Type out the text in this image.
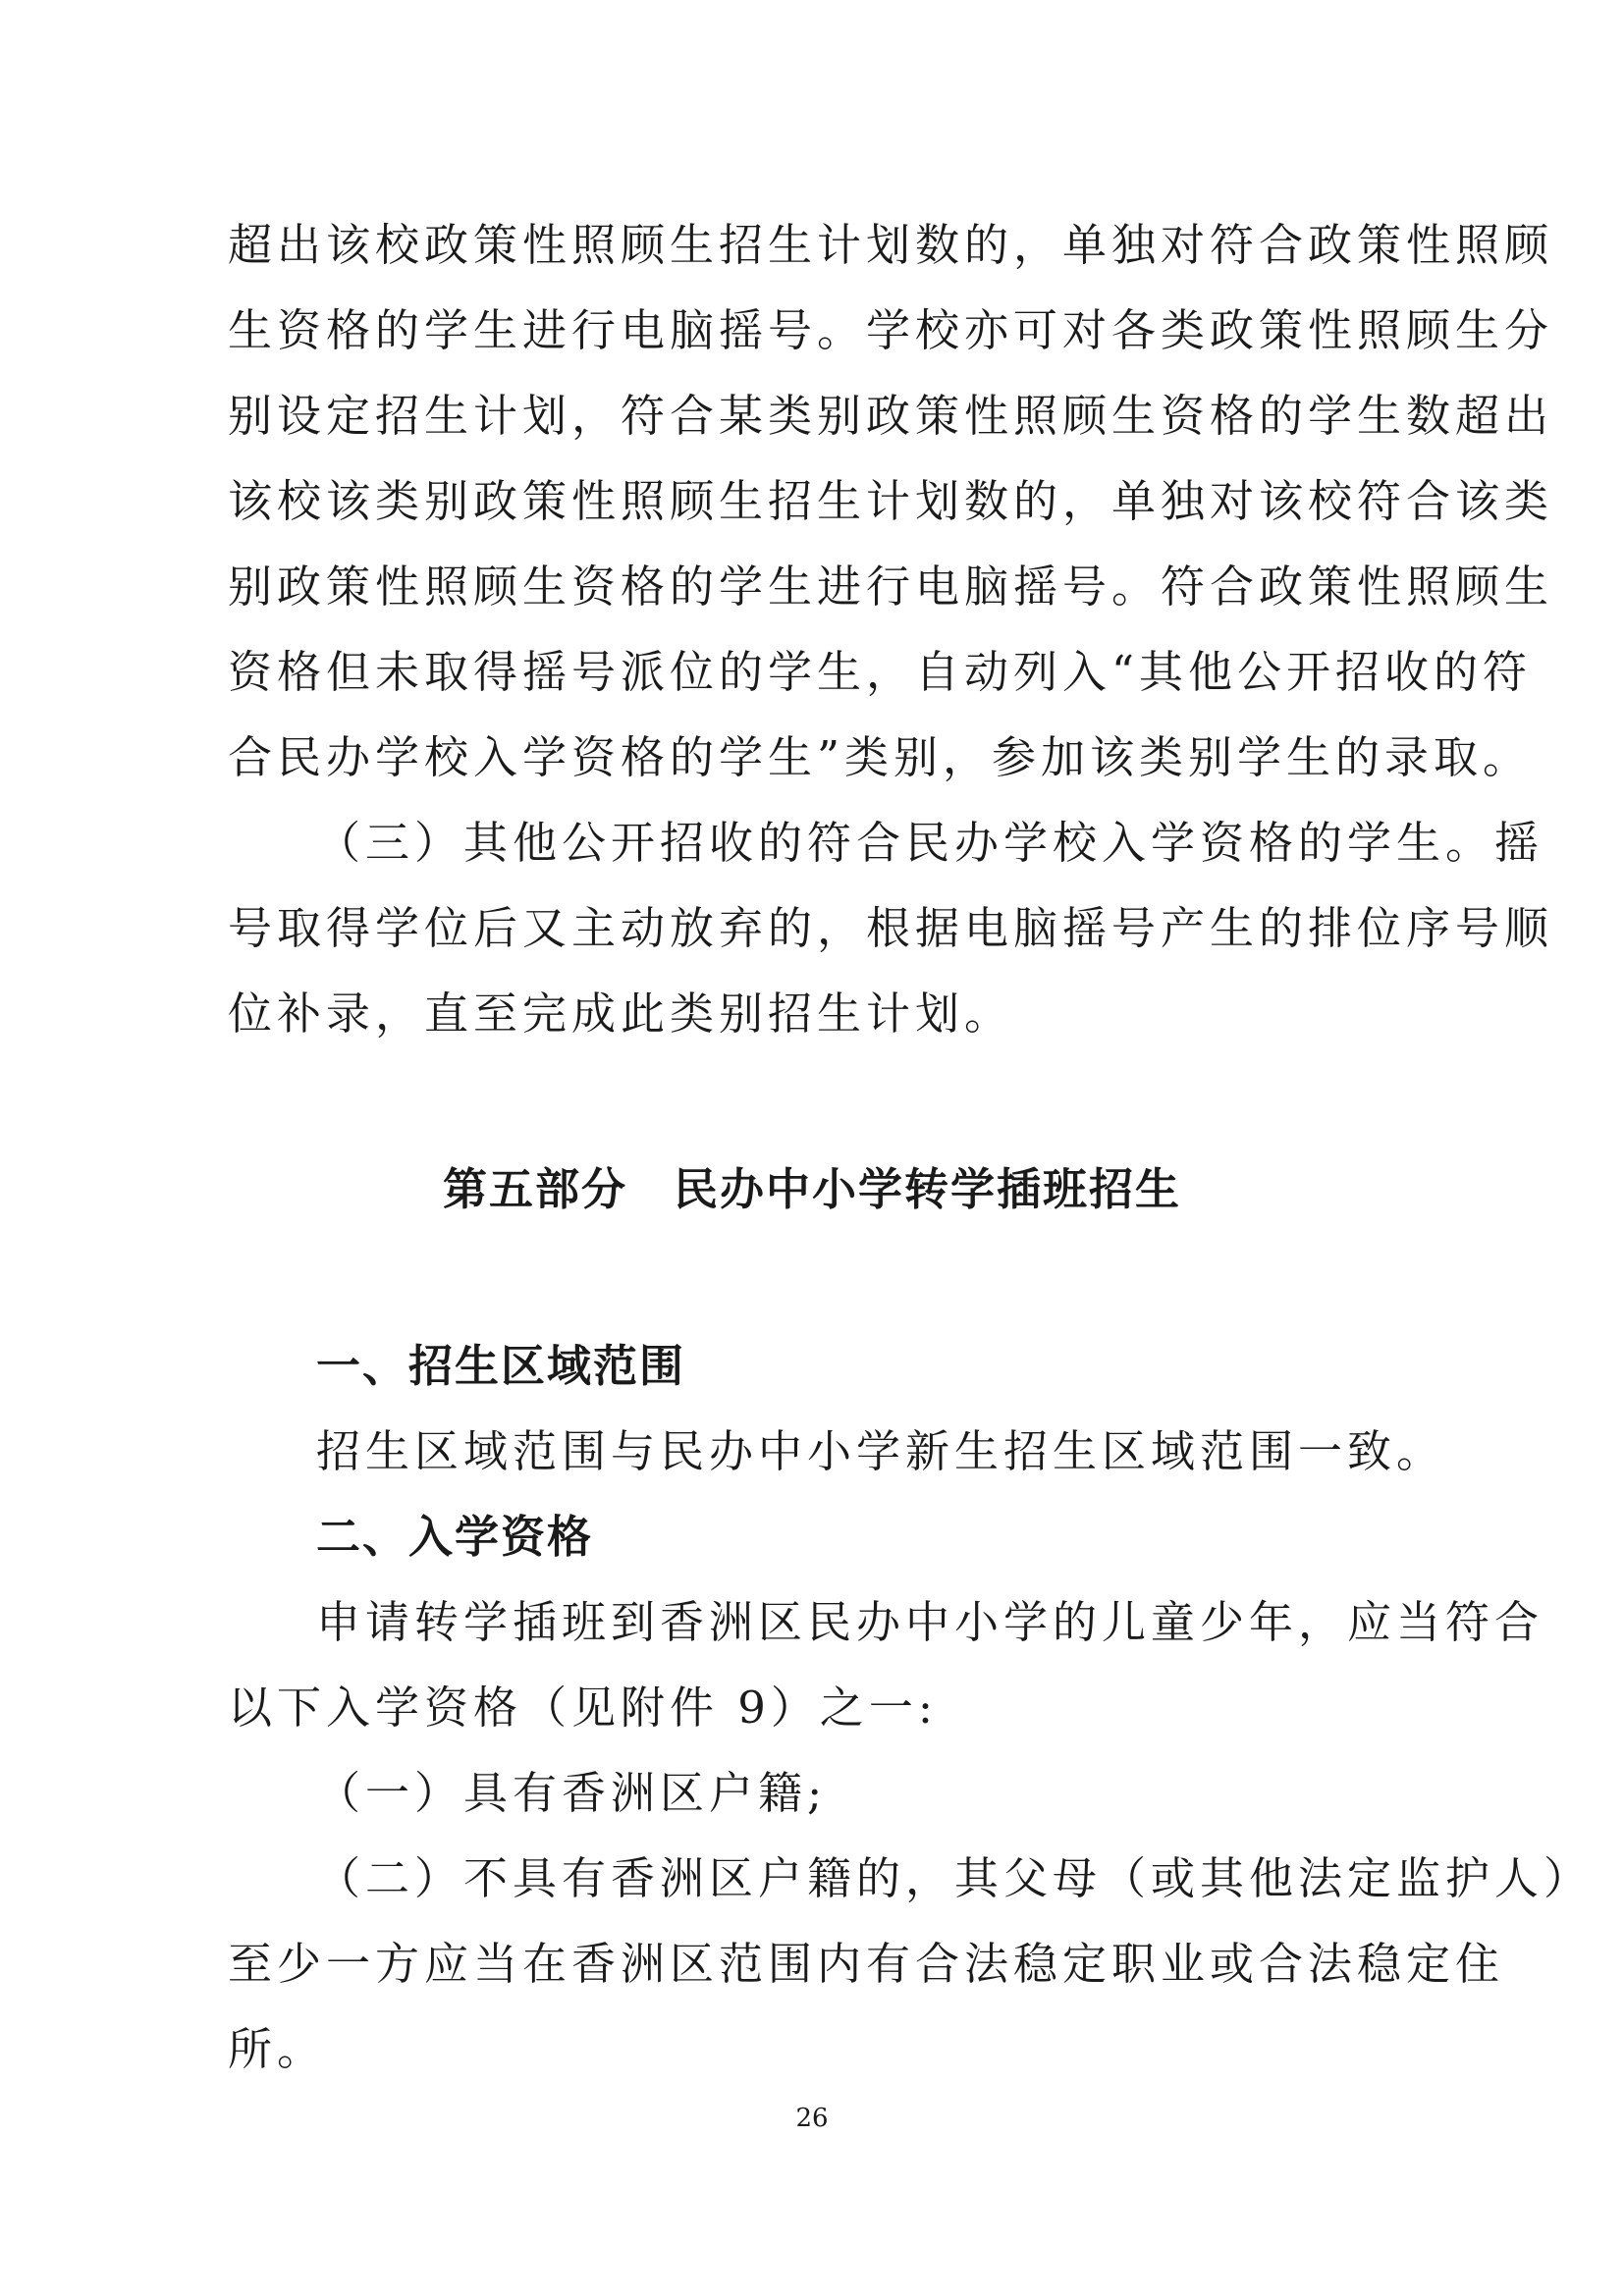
超出该校政策性照顾生招生计划数的，单独对符合政策性照顾
生资格的学生进行电脑摇号。学校亦可对各类政策性照顾生分
别设定招生计划，符合某类别政策性照顾生资格的学生数超出
该校该类别政策性照顾生招生计划数的，单独对该校符合该类
别政策性照顾生资格的学生进行电脑摇号。符合政策性照顾生
资格但未取得摇号派位的学生，自动列入“其他公开招收的符
合民办学校入学资格的学生”类别，参加该类别学生的录取。
（三）其他公开招收的符合民办学校入学资格的学生。摇
号取得学位后又主动放弃的，根据电脑摇号产生的排位序号顺
位补录，直至完成此类别招生计划。
第五部分　民办中小学转学插班招生
一、招生区域范围
招生区域范围与民办中小学新生招生区域范围一致。
二、入学资格
申请转学插班到香洲区民办中小学的儿童少年，应当符合
以下入学资格（见附件 9）之一:
（一）具有香洲区户籍;
（二）不具有香洲区户籍的，其父母（或其他法定监护人）
至少一方应当在香洲区范围内有合法稳定职业或合法稳定住
所。
26
